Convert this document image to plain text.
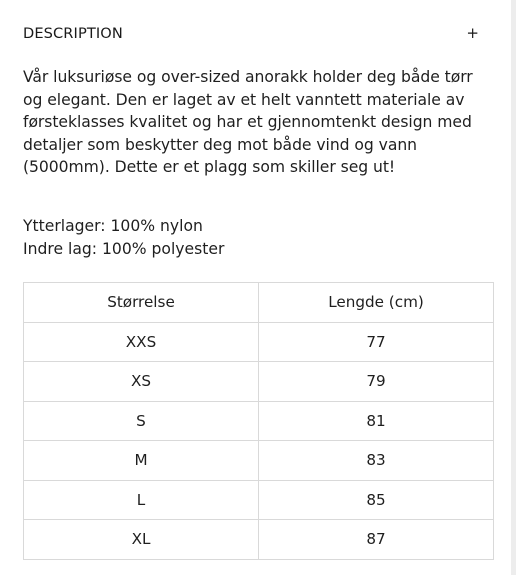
DESCRIPTION	+

Vår luksuriøse og over-sized anorakk holder deg både tørr og elegant. Den er laget av et helt vanntett materiale av førsteklasses kvalitet og har et gjennomtenkt design med detaljer som beskytter deg mot både vind og vann (5000mm). Dette er et plagg som skiller seg ut!

Ytterlager: 100% nylon
Indre lag: 100% polyester
Størrelse	Lengde (cm)
XXS	77
XS	79
S	81
M	83
L	85
XL	87
